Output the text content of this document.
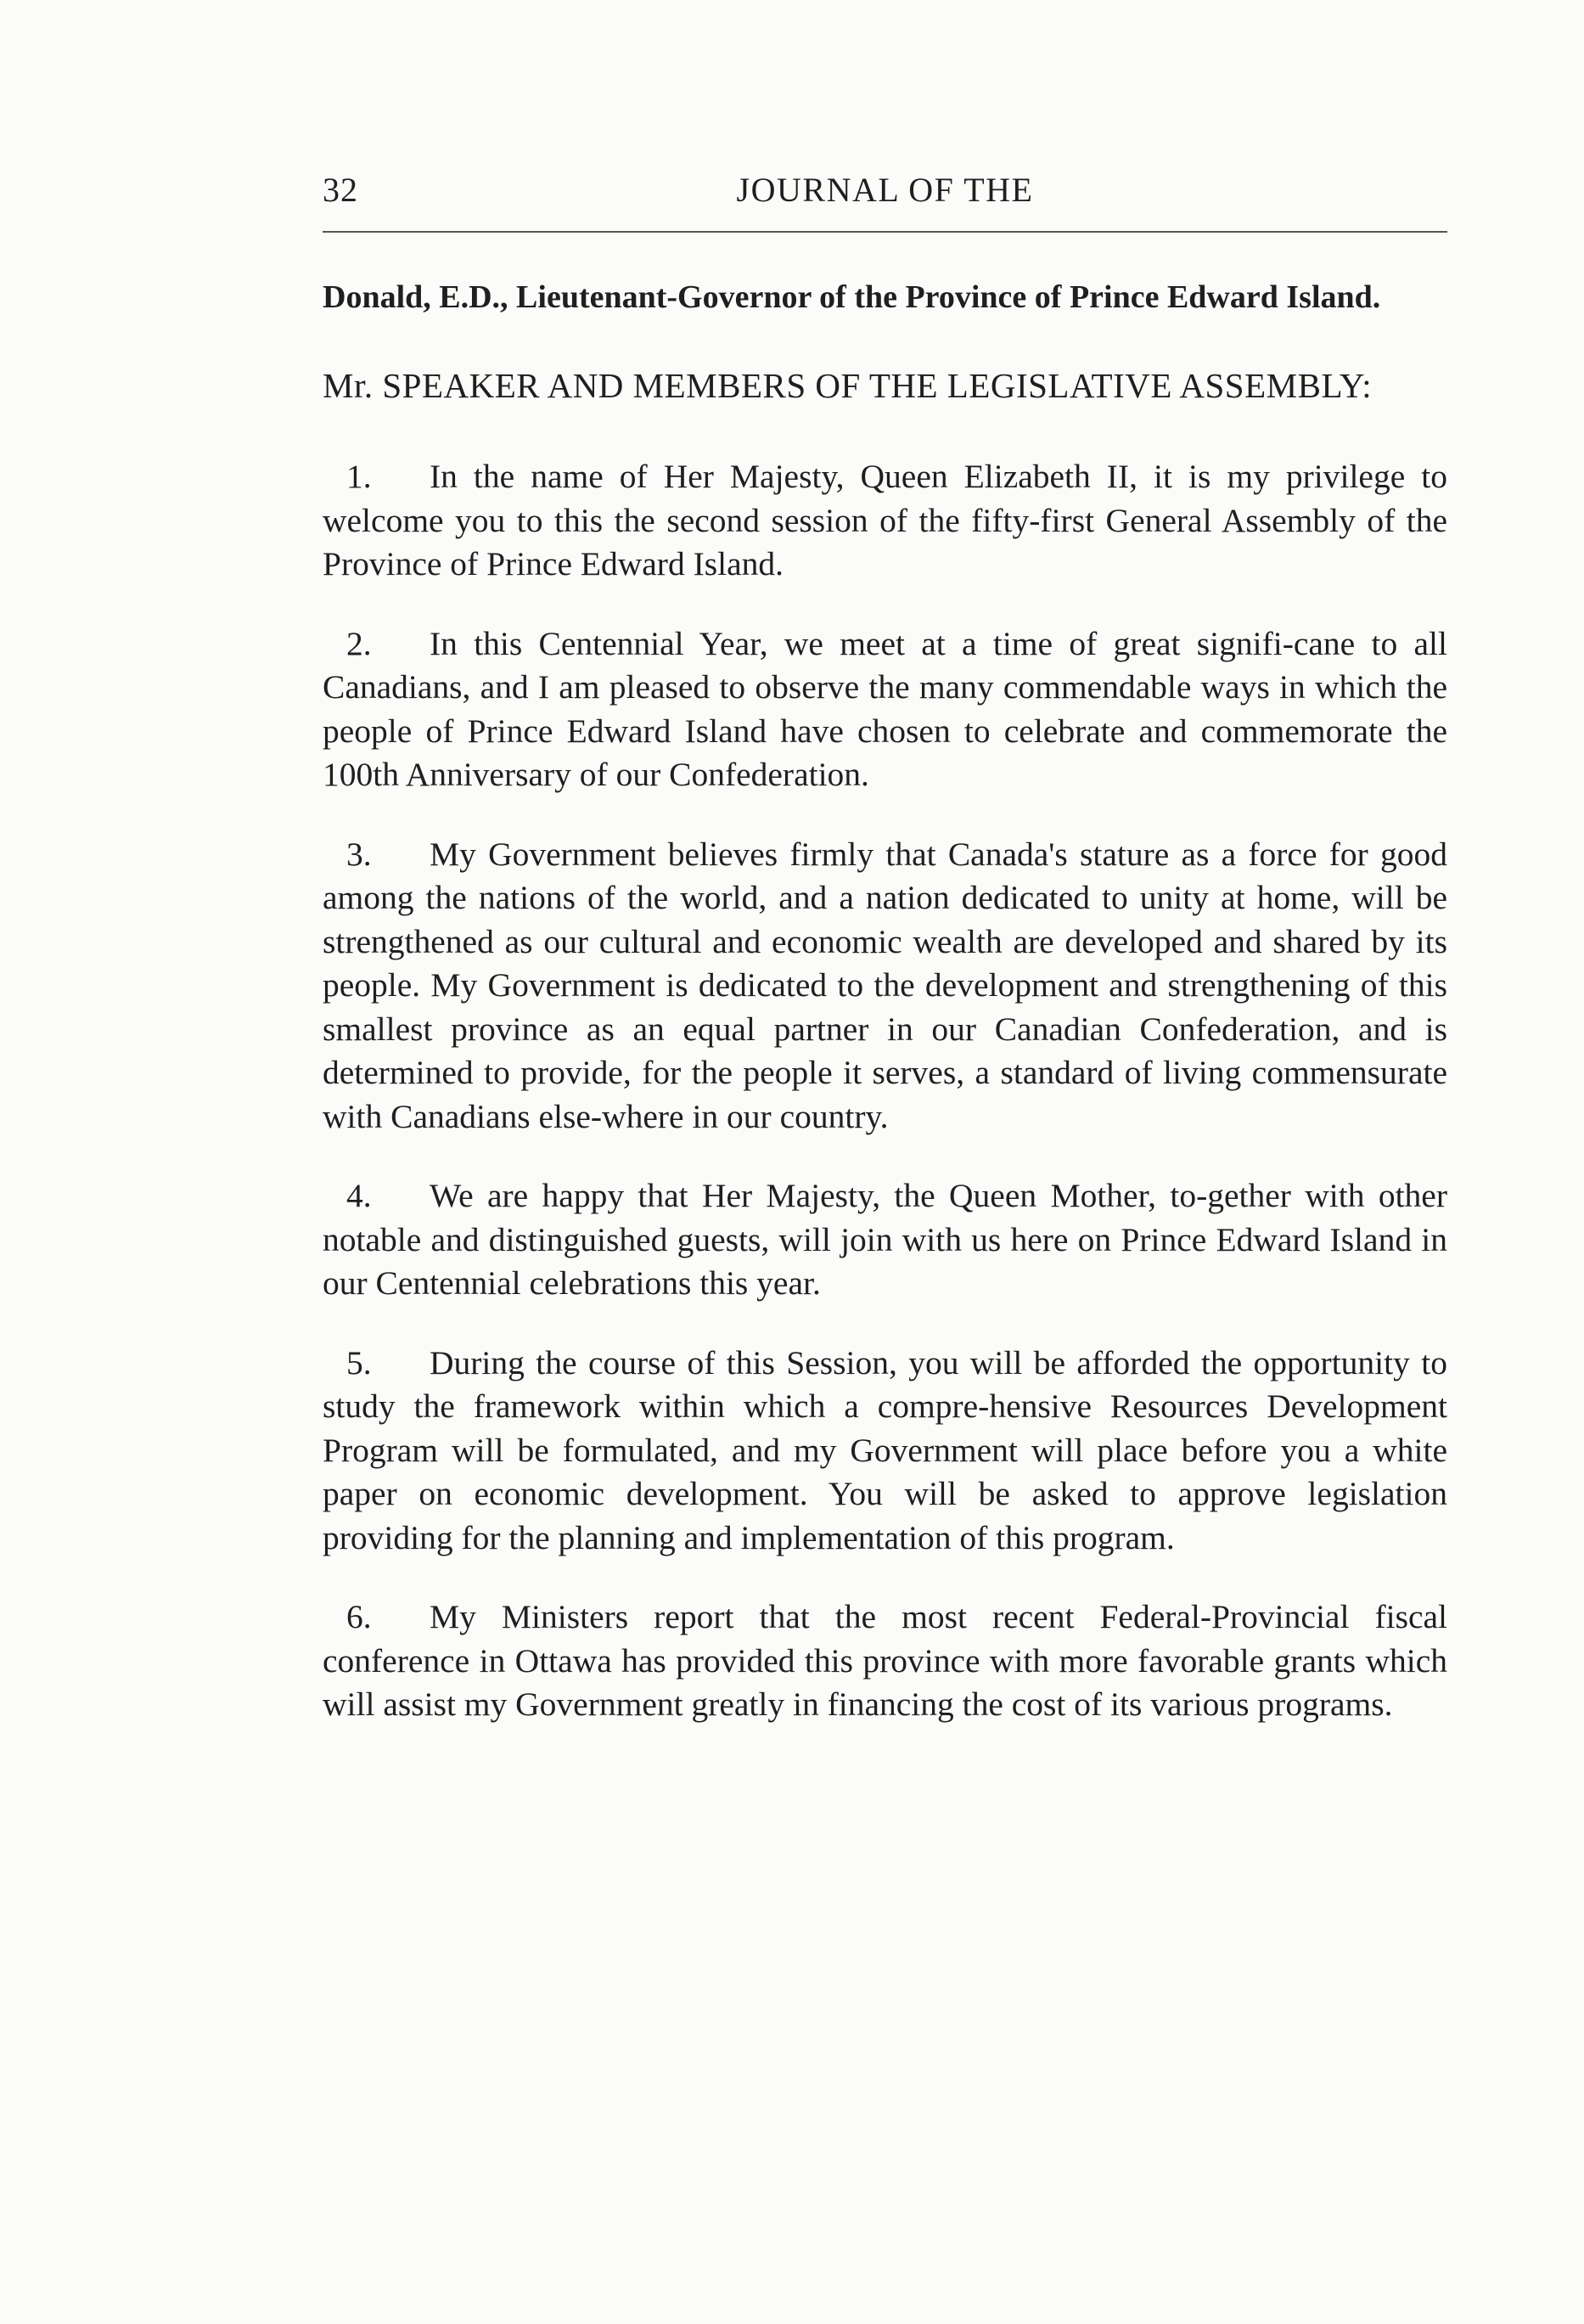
32	JOURNAL OF THE
Donald, E.D., Lieutenant-Governor of the Province of Prince Edward Island.
Mr. SPEAKER AND MEMBERS OF THE LEGISLATIVE ASSEMBLY:

1. In the name of Her Majesty, Queen Elizabeth II, it is my privilege to welcome you to this the second session of the fifty-first General Assembly of the Province of Prince Edward Island.

2. In this Centennial Year, we meet at a time of great signifi-cane to all Canadians, and I am pleased to observe the many commendable ways in which the people of Prince Edward Island have chosen to celebrate and commemorate the 100th Anniversary of our Confederation.

3. My Government believes firmly that Canada's stature as a force for good among the nations of the world, and a nation dedicated to unity at home, will be strengthened as our cultural and economic wealth are developed and shared by its people. My Government is dedicated to the development and strengthening of this smallest province as an equal partner in our Canadian Confederation, and is determined to provide, for the people it serves, a standard of living commensurate with Canadians else-where in our country.

4. We are happy that Her Majesty, the Queen Mother, to-gether with other notable and distinguished guests, will join with us here on Prince Edward Island in our Centennial celebrations this year.

5. During the course of this Session, you will be afforded the opportunity to study the framework within which a compre-hensive Resources Development Program will be formulated, and my Government will place before you a white paper on economic development. You will be asked to approve legislation providing for the planning and implementation of this program.

6. My Ministers report that the most recent Federal-Provincial fiscal conference in Ottawa has provided this province with more favorable grants which will assist my Government greatly in financing the cost of its various programs.
